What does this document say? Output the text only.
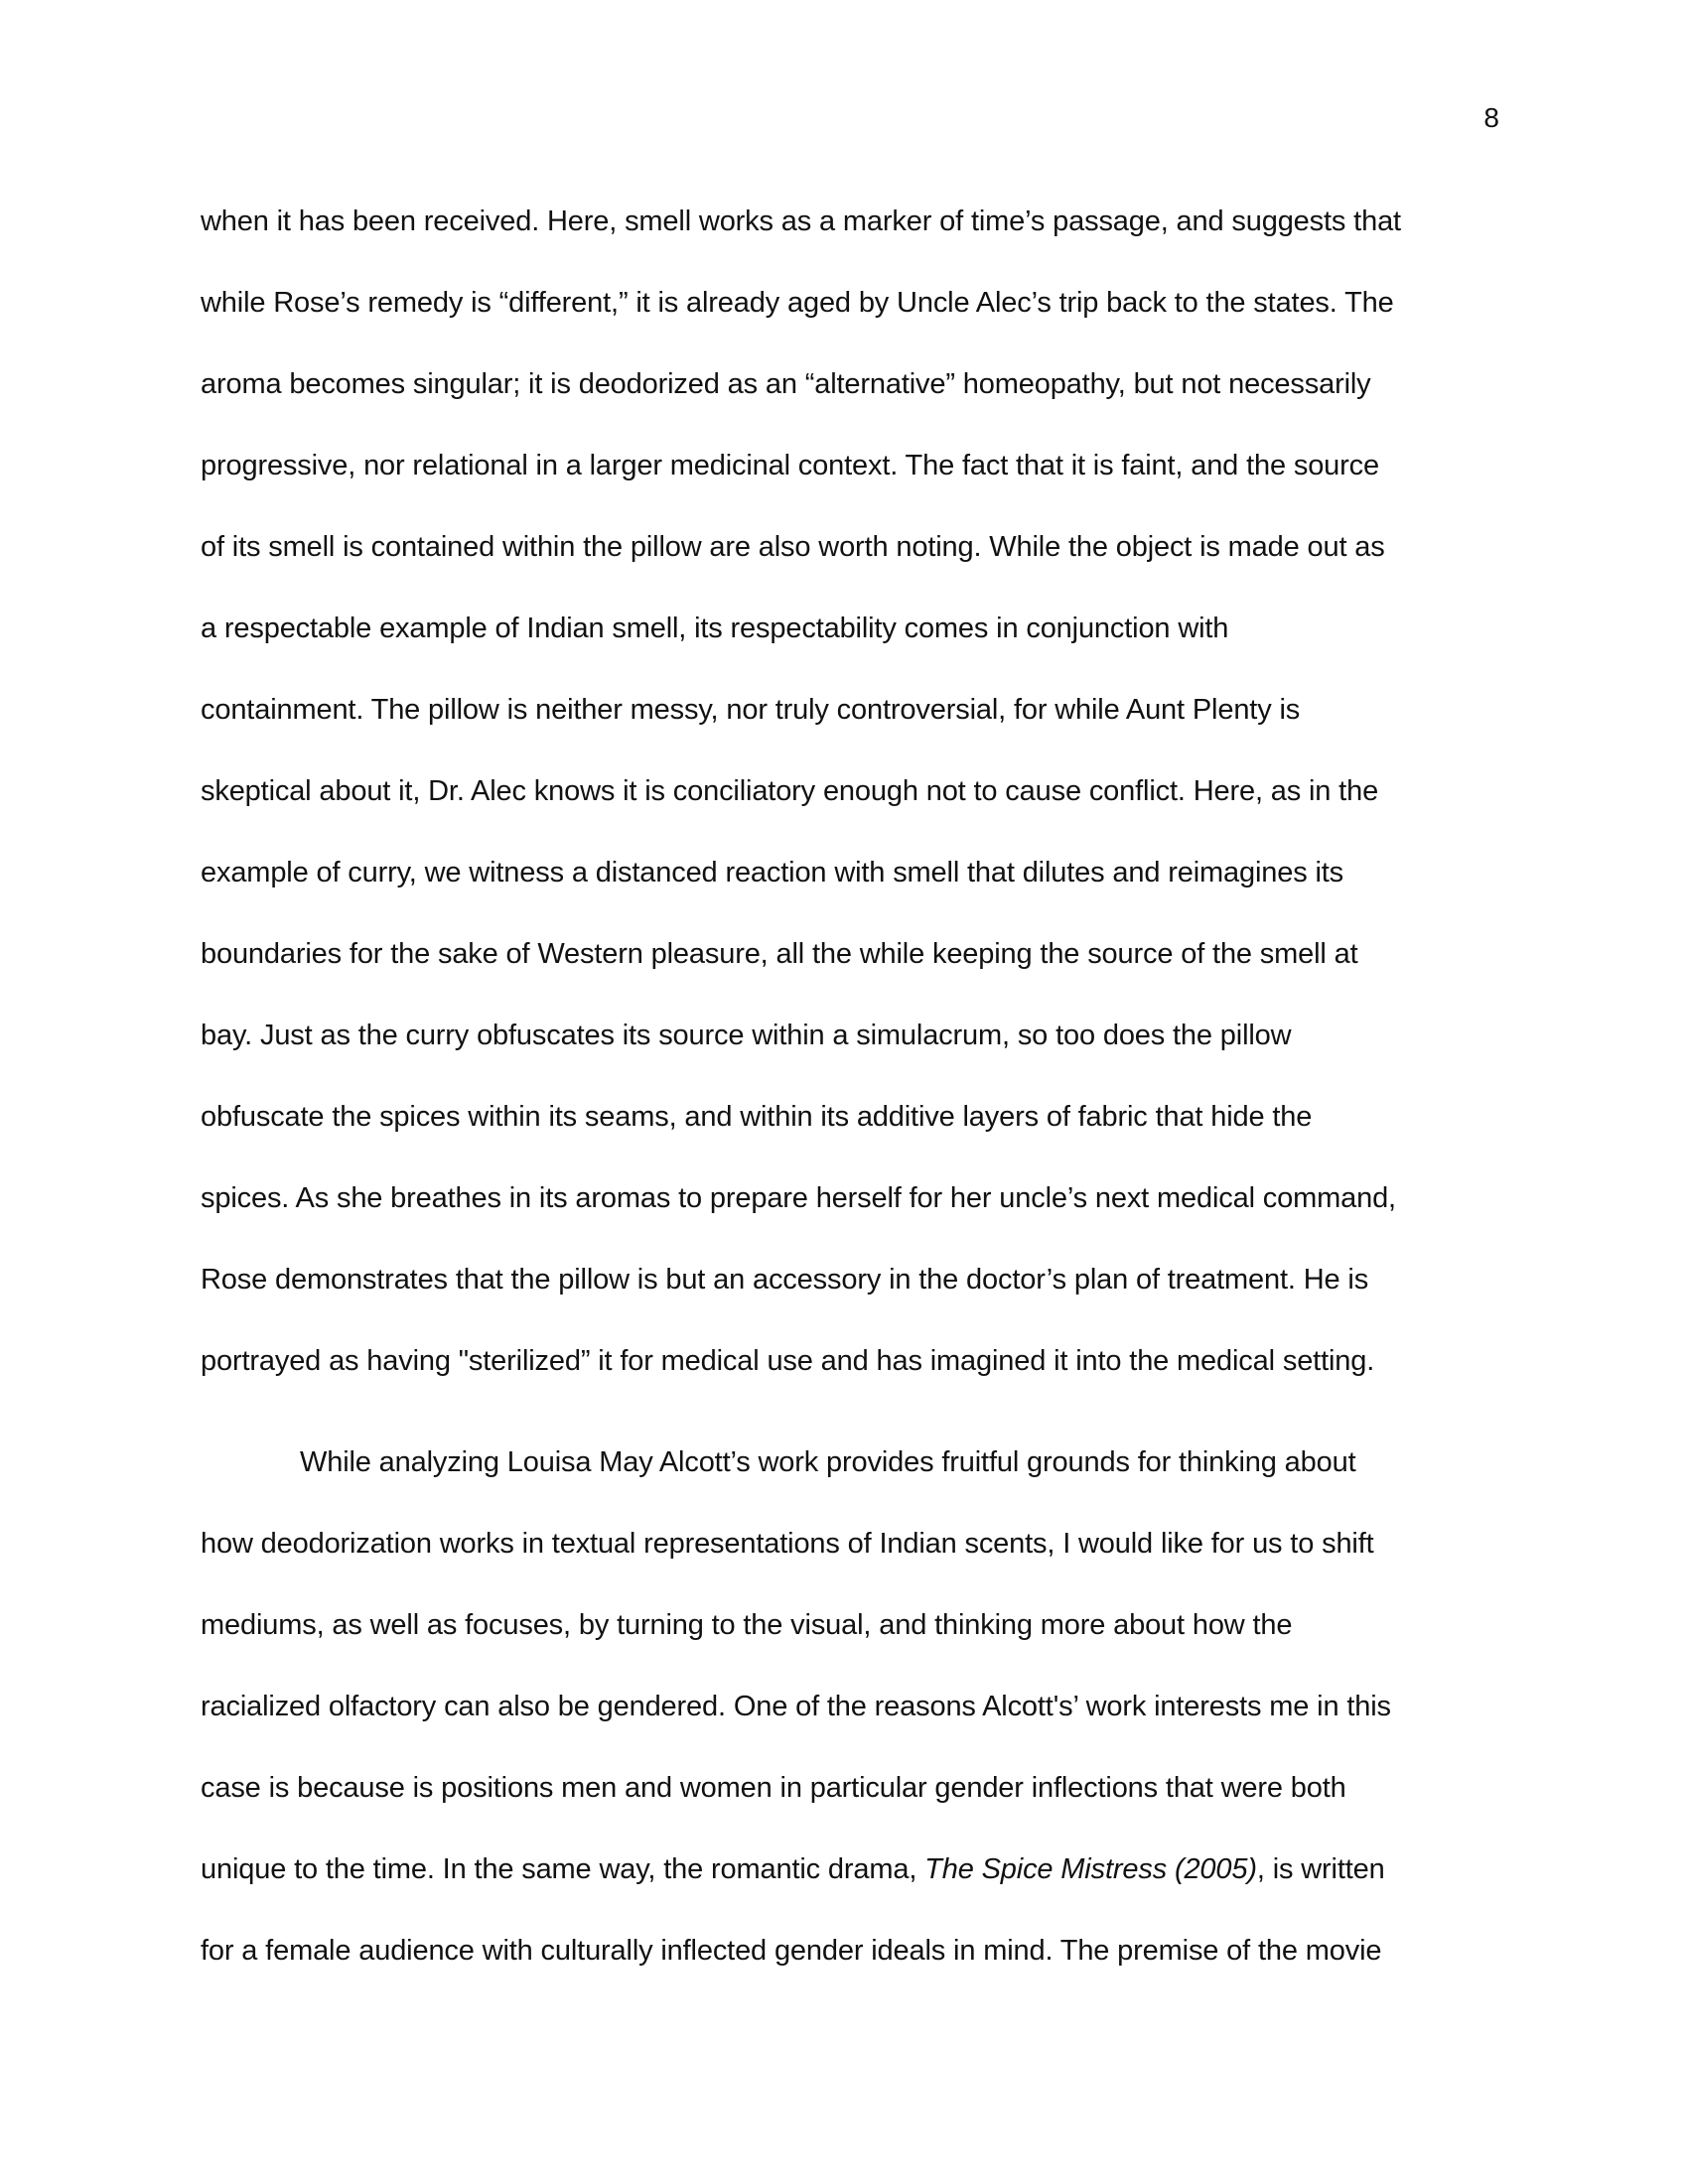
8
when it has been received. Here, smell works as a marker of time’s passage, and suggests that
while Rose’s remedy is “different,” it is already aged by Uncle Alec’s trip back to the states. The
aroma becomes singular; it is deodorized as an “alternative” homeopathy, but not necessarily
progressive, nor relational in a larger medicinal context. The fact that it is faint, and the source
of its smell is contained within the pillow are also worth noting. While the object is made out as
a respectable example of Indian smell, its respectability comes in conjunction with
containment. The pillow is neither messy, nor truly controversial, for while Aunt Plenty is
skeptical about it, Dr. Alec knows it is conciliatory enough not to cause conflict. Here, as in the
example of curry, we witness a distanced reaction with smell that dilutes and reimagines its
boundaries for the sake of Western pleasure, all the while keeping the source of the smell at
bay. Just as the curry obfuscates its source within a simulacrum, so too does the pillow
obfuscate the spices within its seams, and within its additive layers of fabric that hide the
spices. As she breathes in its aromas to prepare herself for her uncle’s next medical command,
Rose demonstrates that the pillow is but an accessory in the doctor’s plan of treatment. He is
portrayed as having "sterilized” it for medical use and has imagined it into the medical setting.
While analyzing Louisa May Alcott’s work provides fruitful grounds for thinking about
how deodorization works in textual representations of Indian scents, I would like for us to shift
mediums, as well as focuses, by turning to the visual, and thinking more about how the
racialized olfactory can also be gendered. One of the reasons Alcott's’ work interests me in this
case is because is positions men and women in particular gender inflections that were both
unique to the time. In the same way, the romantic drama, The Spice Mistress (2005), is written
for a female audience with culturally inflected gender ideals in mind. The premise of the movie
